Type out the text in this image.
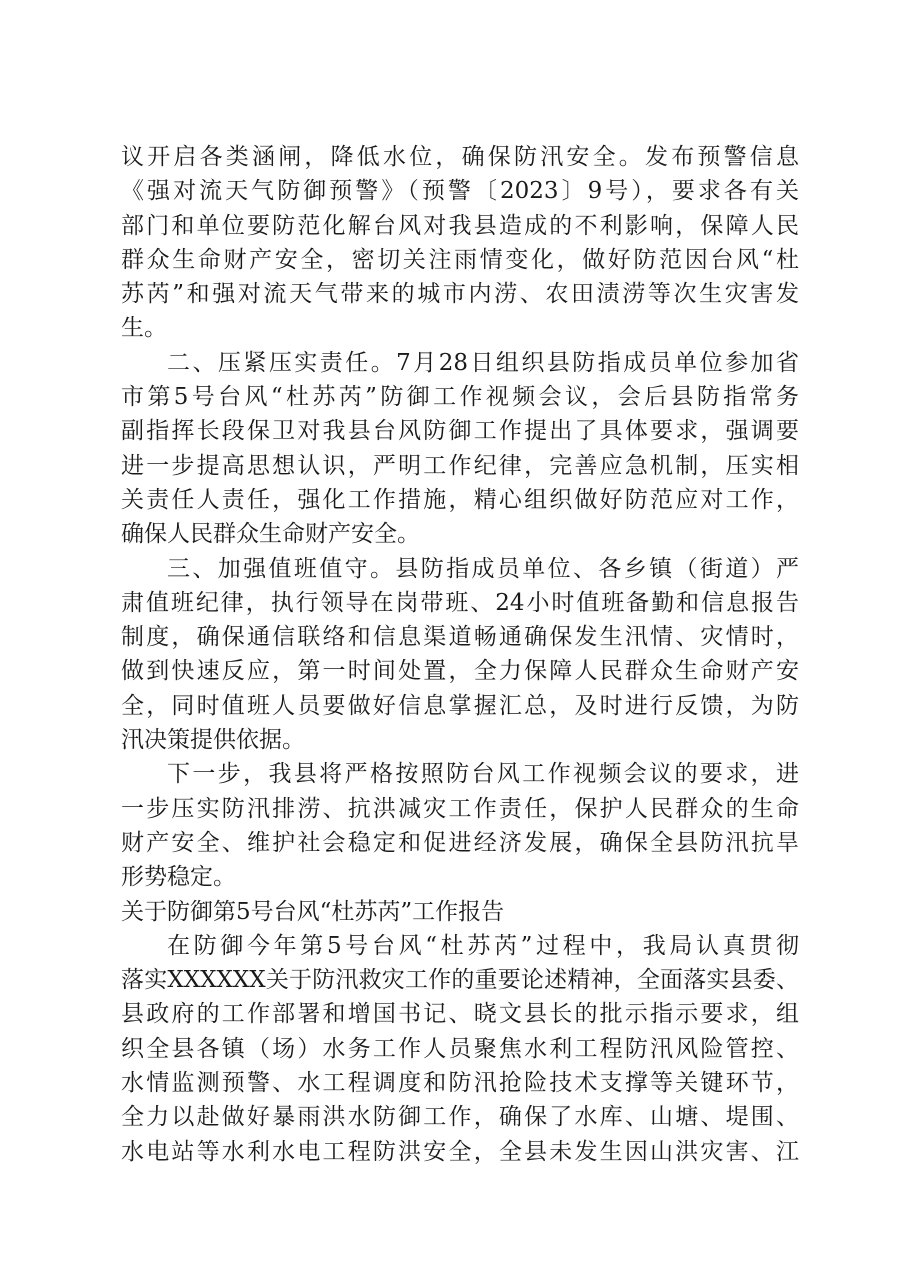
议开启各类涵闸，降低水位，确保防汛安全。发布预警信息
《强对流天气防御预警》（预警〔2023〕9号），要求各有关
部门和单位要防范化解台风对我县造成的不利影响，保障人民
群众生命财产安全，密切关注雨情变化，做好防范因台风“杜
苏芮”和强对流天气带来的城市内涝、农田渍涝等次生灾害发
生。
二、压紧压实责任。7月28日组织县防指成员单位参加省
市第5号台风“杜苏芮”防御工作视频会议，会后县防指常务
副指挥长段保卫对我县台风防御工作提出了具体要求，强调要
进一步提高思想认识，严明工作纪律，完善应急机制，压实相
关责任人责任，强化工作措施，精心组织做好防范应对工作，
确保人民群众生命财产安全。
三、加强值班值守。县防指成员单位、各乡镇（街道）严
肃值班纪律，执行领导在岗带班、24小时值班备勤和信息报告
制度，确保通信联络和信息渠道畅通确保发生汛情、灾情时，
做到快速反应，第一时间处置，全力保障人民群众生命财产安
全，同时值班人员要做好信息掌握汇总，及时进行反馈，为防
汛决策提供依据。
下一步，我县将严格按照防台风工作视频会议的要求，进
一步压实防汛排涝、抗洪减灾工作责任，保护人民群众的生命
财产安全、维护社会稳定和促进经济发展，确保全县防汛抗旱
形势稳定。
关于防御第5号台风“杜苏芮”工作报告
在防御今年第5号台风“杜苏芮”过程中，我局认真贯彻
落实XXXXXX关于防汛救灾工作的重要论述精神，全面落实县委、
县政府的工作部署和增国书记、晓文县长的批示指示要求，组
织全县各镇（场）水务工作人员聚焦水利工程防汛风险管控、
水情监测预警、水工程调度和防汛抢险技术支撑等关键环节，
全力以赴做好暴雨洪水防御工作，确保了水库、山塘、堤围、
水电站等水利水电工程防洪安全，全县未发生因山洪灾害、江
